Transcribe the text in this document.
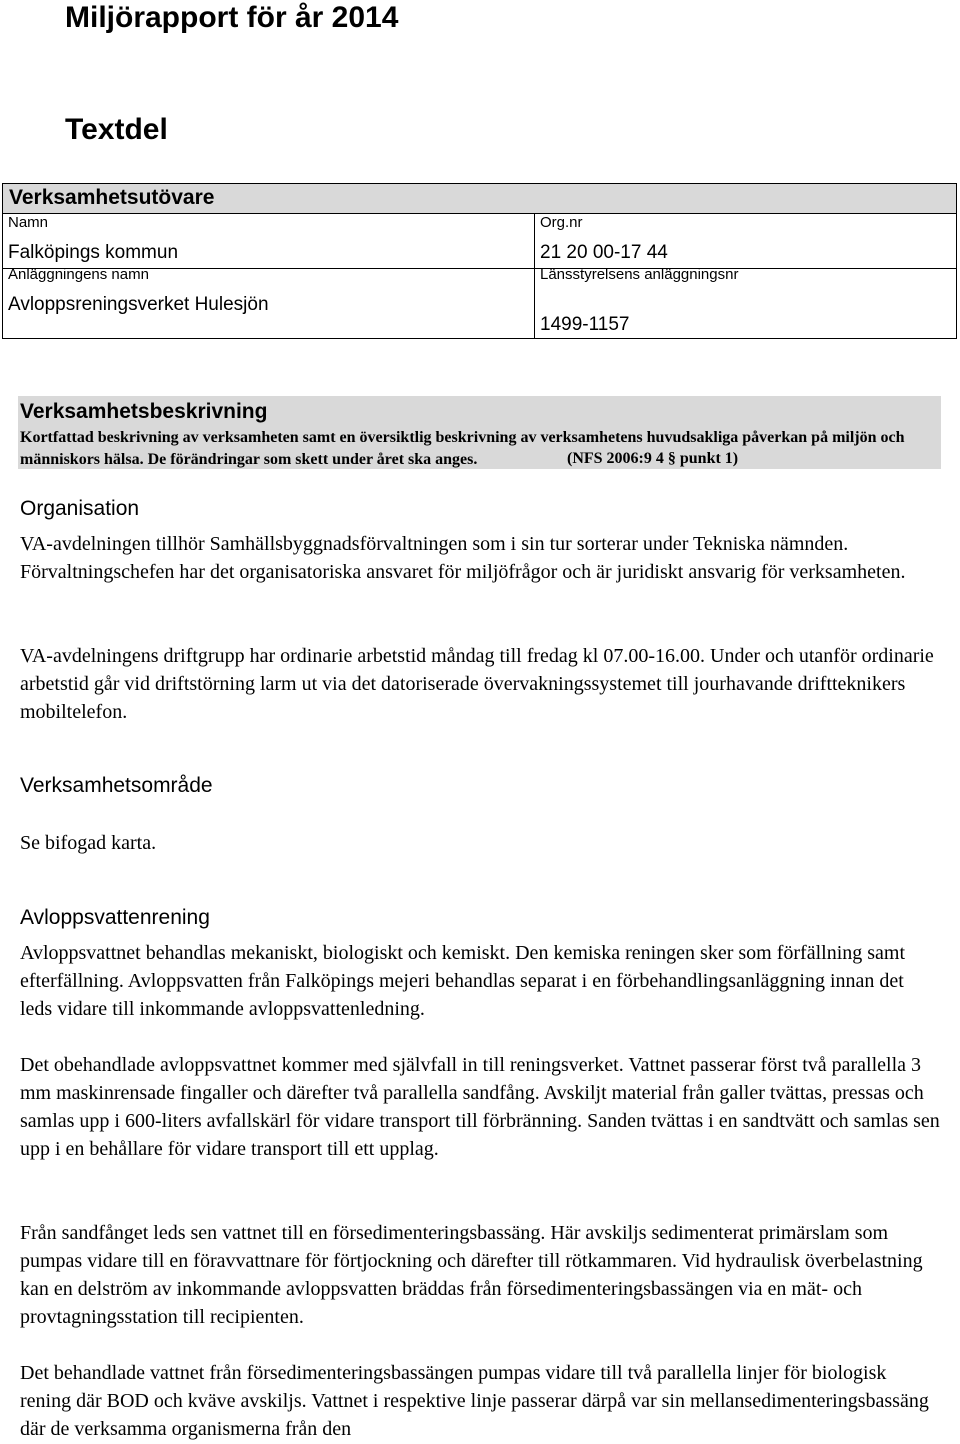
Miljörapport för år 2014
Textdel
Verksamhetsutövare
Namn
Falköpings kommun
Org.nr
21 20 00-17 44
Anläggningens namn
Avloppsreningsverket Hulesjön
Länsstyrelsens anläggningsnr
1499-1157
Verksamhetsbeskrivning

Kortfattad beskrivning av verksamheten samt en översiktlig beskrivning av verksamhetens huvudsakliga påverkan på miljön och människors hälsa. De förändringar som skett under året ska anges.	(NFS 2006:9 4 § punkt 1)

Organisation

VA-avdelningen tillhör Samhällsbyggnadsförvaltningen som i sin tur sorterar under Tekniska nämnden. Förvaltningschefen har det organisatoriska ansvaret för miljöfrågor och är juridiskt ansvarig för verksamheten.

VA-avdelningens driftgrupp har ordinarie arbetstid måndag till fredag kl 07.00-16.00. Under och utanför ordinarie arbetstid går vid driftstörning larm ut via det datoriserade övervakningssystemet till jourhavande driftteknikers mobiltelefon.

Verksamhetsområde

Se bifogad karta.

Avloppsvattenrening

Avloppsvattnet behandlas mekaniskt, biologiskt och kemiskt. Den kemiska reningen sker som förfällning samt efterfällning. Avloppsvatten från Falköpings mejeri behandlas separat i en förbehandlingsanläggning innan det leds vidare till inkommande avloppsvattenledning.

Det obehandlade avloppsvattnet kommer med självfall in till reningsverket. Vattnet passerar först två parallella 3 mm maskinrensade fingaller och därefter två parallella sandfång. Avskiljt material från galler tvättas, pressas och samlas upp i 600-liters avfallskärl för vidare transport till förbränning. Sanden tvättas i en sandtvätt och samlas sen upp i en behållare för vidare transport till ett upplag.

Från sandfånget leds sen vattnet till en försedimenteringsbassäng. Här avskiljs sedimenterat primärslam som pumpas vidare till en föravvattnare för förtjockning och därefter till rötkammaren. Vid hydraulisk överbelastning kan en delström av inkommande avloppsvatten bräddas från försedimenteringsbassängen via en mät- och provtagningsstation till recipienten.

Det behandlade vattnet från försedimenteringsbassängen pumpas vidare till två parallella linjer för biologisk rening där BOD och kväve avskiljs. Vattnet i respektive linje passerar därpå var sin mellansedimenteringsbassäng där de verksamma organismerna från den
